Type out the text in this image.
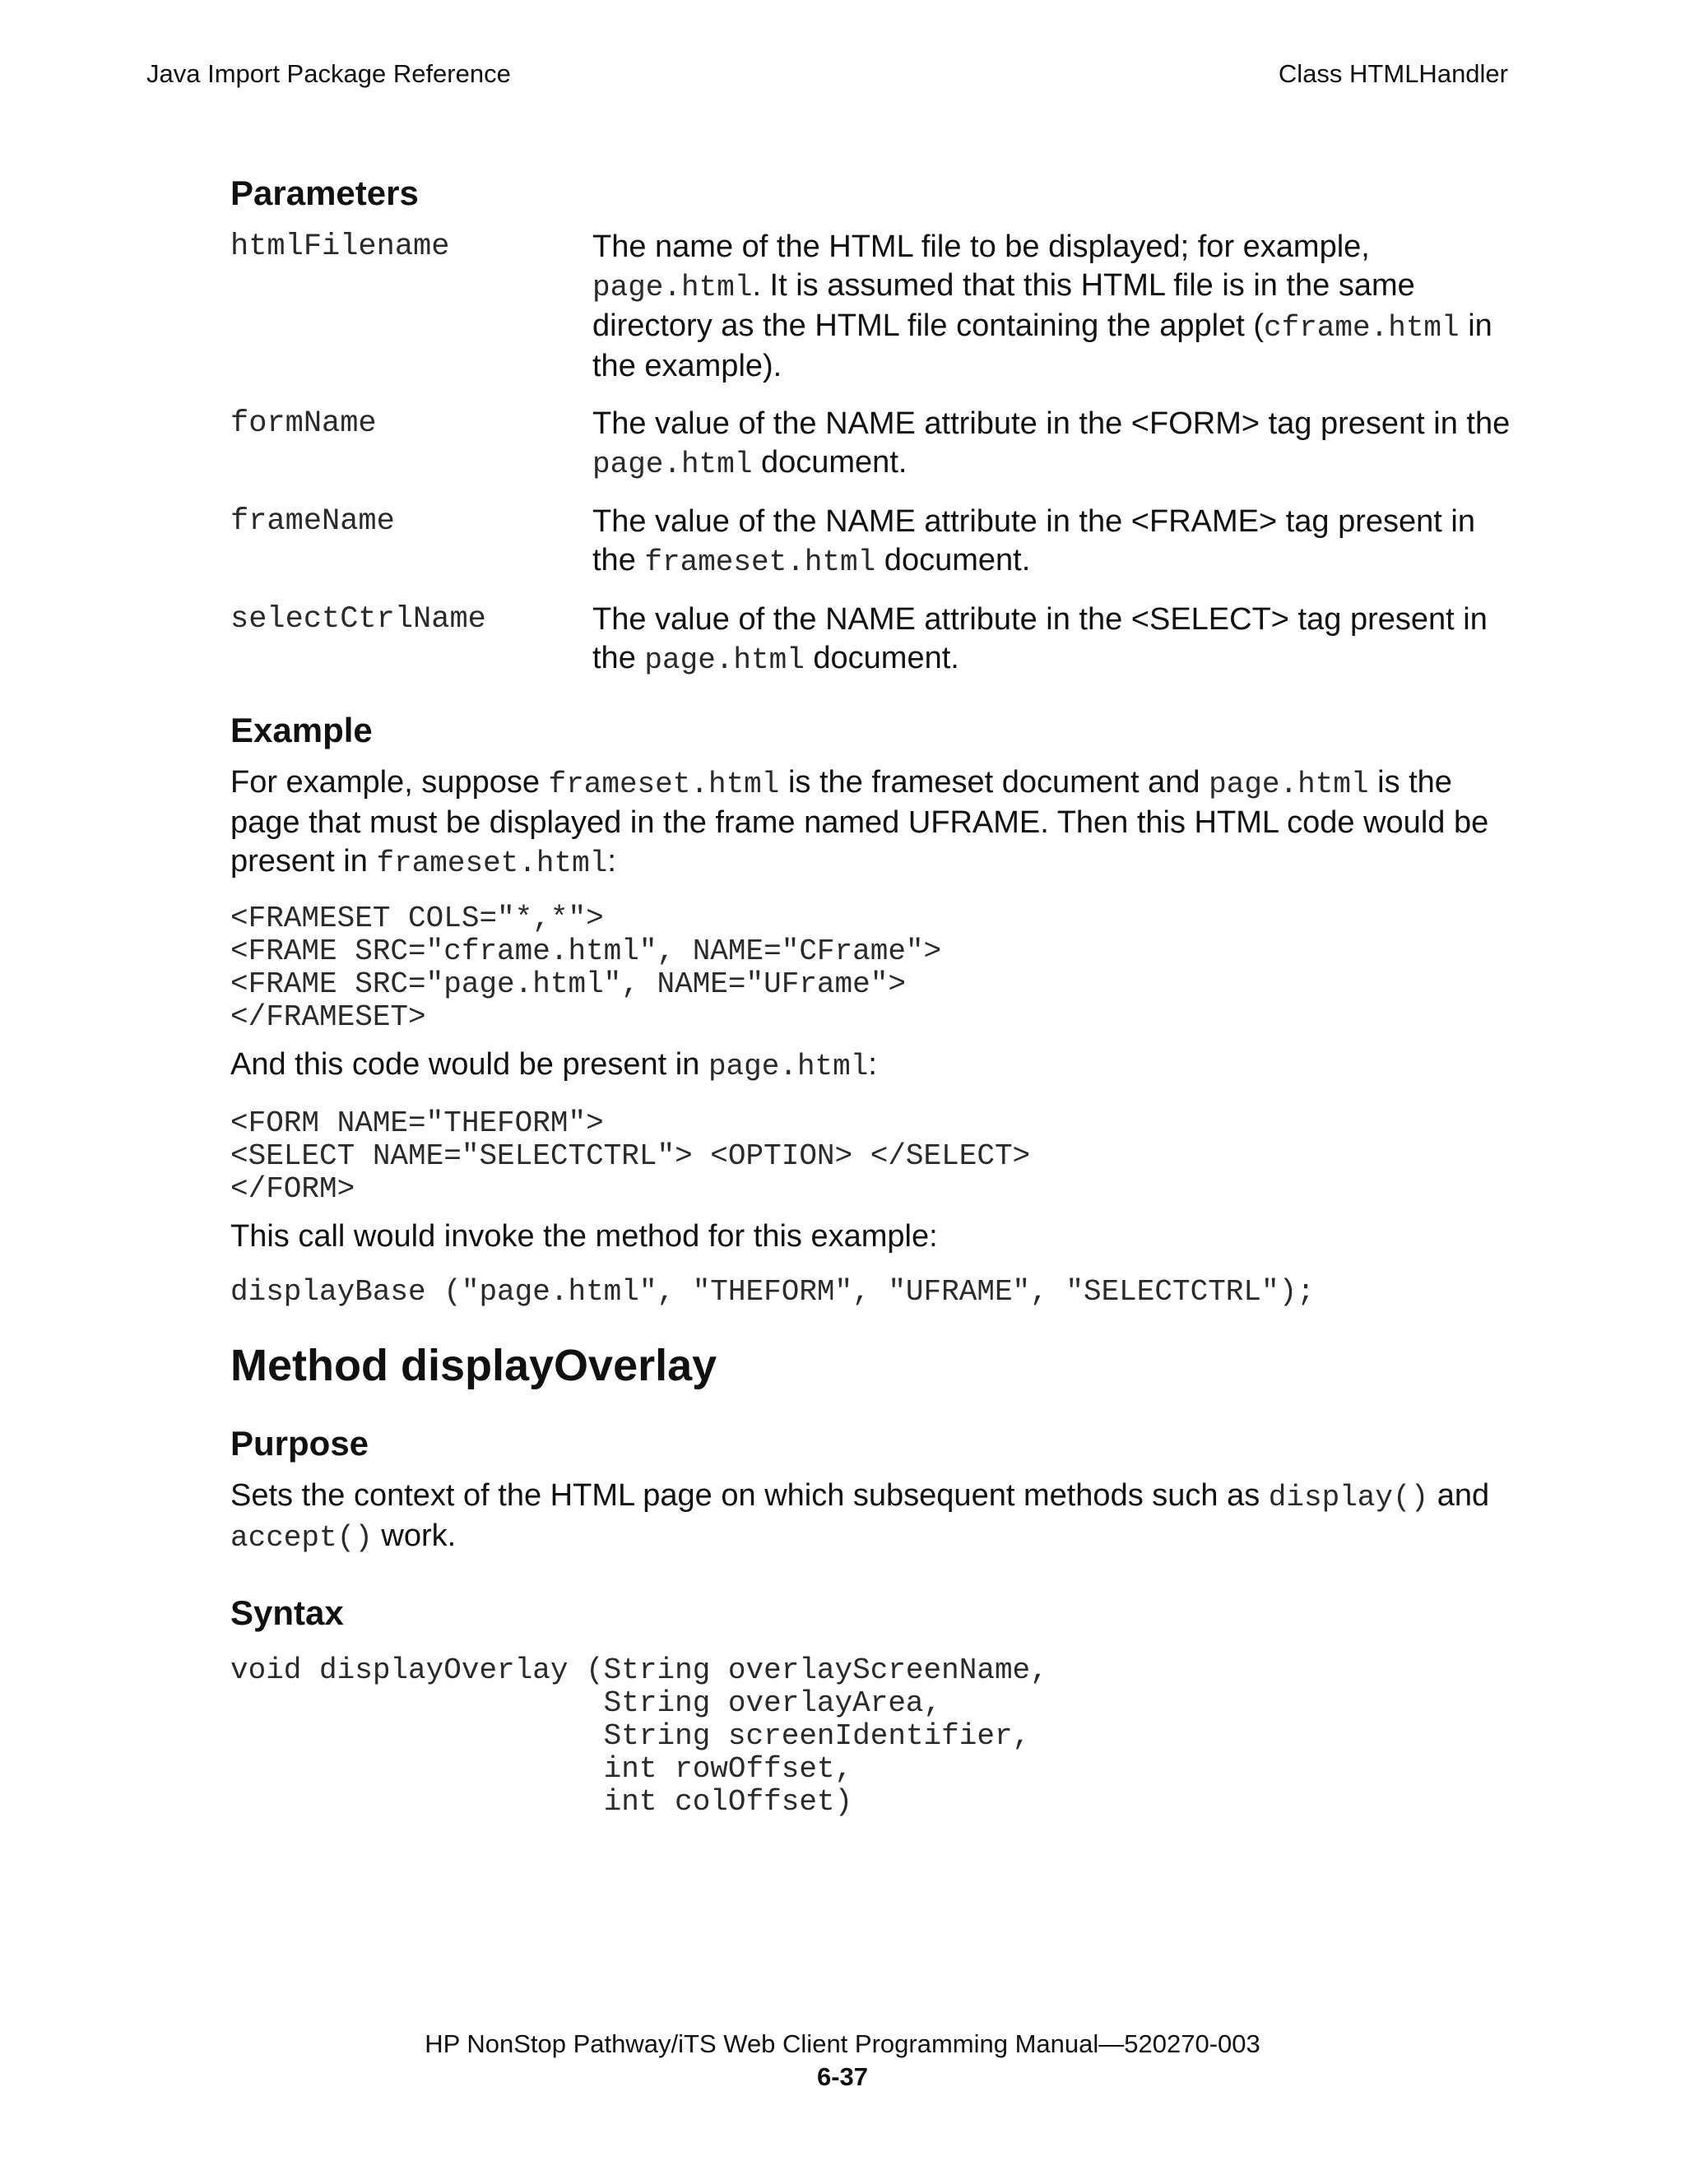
Java Import Package Reference	Class HTMLHandler
Parameters
htmlFilename	The name of the HTML file to be displayed; for example,
page.html. It is assumed that this HTML file is in the same directory as the HTML file containing the applet (cframe.html in the example).
formName	The value of the NAME attribute in the <FORM> tag present in the page.html document.
frameName	The value of the NAME attribute in the <FRAME> tag present in the frameset.html document.
selectCtrlName	The value of the NAME attribute in the <SELECT> tag present in the page.html document.
Example

For example, suppose frameset.html is the frameset document and page.html is the page that must be displayed in the frame named UFRAME. Then this HTML code would be present in frameset.html:

<FRAMESET COLS="*,*">
<FRAME SRC="cframe.html", NAME="CFrame">
<FRAME SRC="page.html", NAME="UFrame">
</FRAMESET>

And this code would be present in page.html:

<FORM NAME="THEFORM">
<SELECT NAME="SELECTCTRL"> <OPTION> </SELECT>
</FORM>

This call would invoke the method for this example:

displayBase ("page.html", "THEFORM", "UFRAME", "SELECTCTRL");
Method displayOverlay
Purpose

Sets the context of the HTML page on which subsequent methods such as display() and accept() work.

Syntax
void displayOverlay (String overlayScreenName,
String overlayArea,
String screenIdentifier,
int rowOffset,
int colOffset)
HP NonStop Pathway/iTS Web Client Programming Manual—520270-003
6-37
